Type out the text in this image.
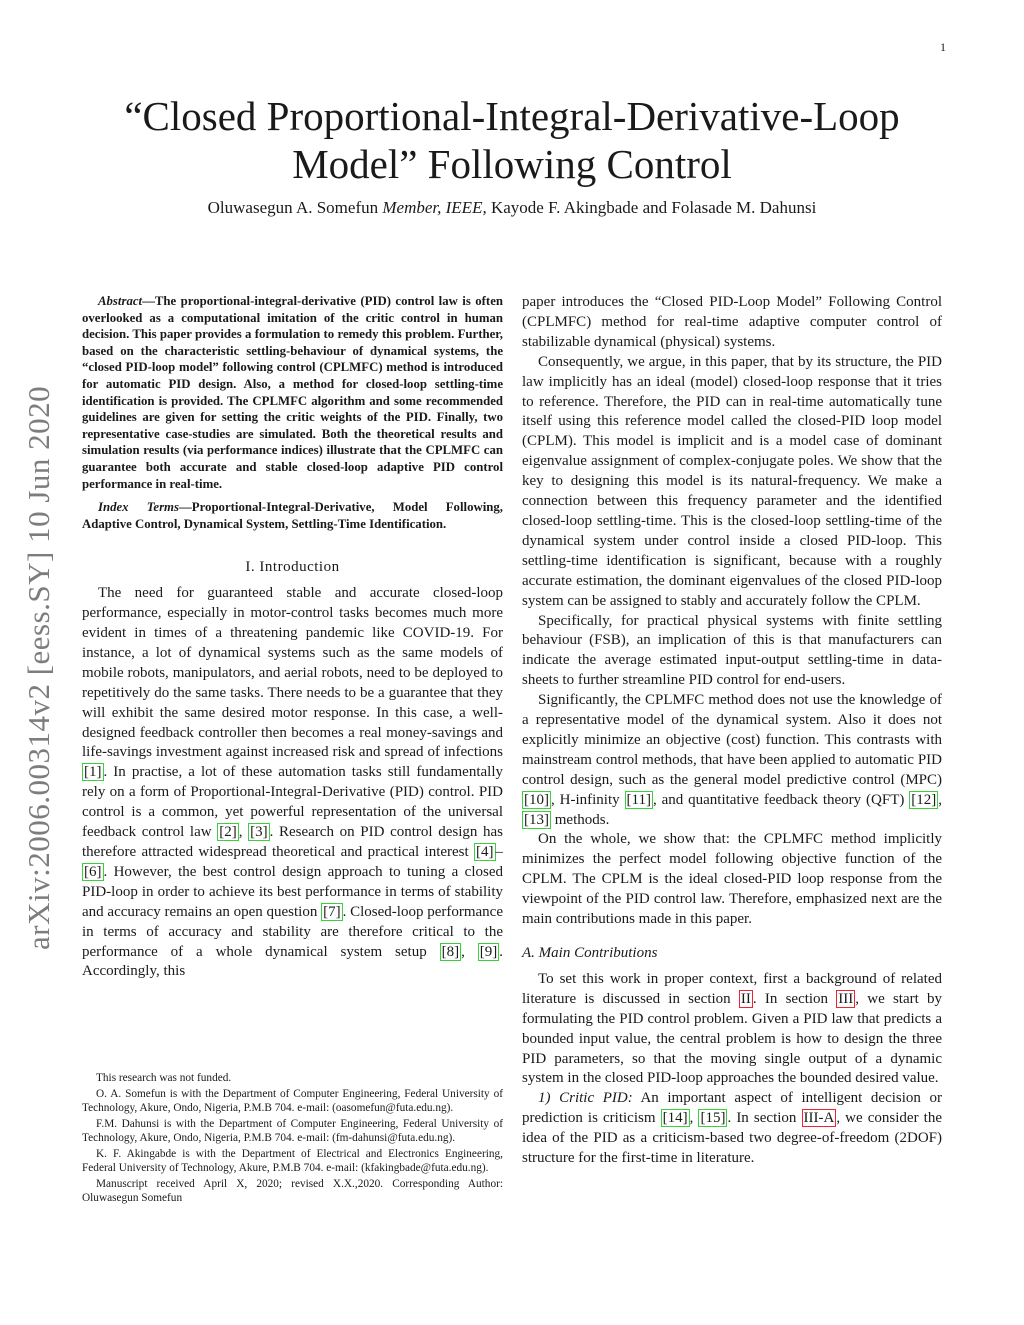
1
arXiv:2006.00314v2 [eess.SY] 10 Jun 2020
“Closed Proportional-Integral-Derivative-Loop
Model” Following Control
Oluwasegun A. Somefun Member, IEEE, Kayode F. Akingbade and Folasade M. Dahunsi

Abstract—The proportional-integral-derivative (PID) control law is often overlooked as a computational imitation of the critic control in human decision. This paper provides a formulation to remedy this problem. Further, based on the characteristic settling-behaviour of dynamical systems, the “closed PID-loop model” following control (CPLMFC) method is introduced for automatic PID design. Also, a method for closed-loop settling-time identification is provided. The CPLMFC algorithm and some recommended guidelines are given for setting the critic weights of the PID. Finally, two representative case-studies are simulated. Both the theoretical results and simulation results (via performance indices) illustrate that the CPLMFC can guarantee both accurate and stable closed-loop adaptive PID control performance in real-time.

Index Terms—Proportional-Integral-Derivative, Model Following, Adaptive Control, Dynamical System, Settling-Time Identification.

I. Introduction

The need for guaranteed stable and accurate closed-loop performance, especially in motor-control tasks becomes much more evident in times of a threatening pandemic like COVID-19. For instance, a lot of dynamical systems such as the same models of mobile robots, manipulators, and aerial robots, need to be deployed to repetitively do the same tasks. There needs to be a guarantee that they will exhibit the same desired motor response. In this case, a well-designed feedback controller then becomes a real money-savings and life-savings investment against increased risk and spread of infections [1] . In practise, a lot of these automation tasks still fundamentally rely on a form of Proportional-Integral-Derivative (PID) control. PID control is a common, yet powerful representation of the universal feedback control law [2] , [3] . Research on PID control design has therefore attracted widespread theoretical and practical interest [4] –[6] . However, the best control design approach to tuning a closed PID-loop in order to achieve its best performance in terms of stability and accuracy remains an open question [7] . Closed-loop performance in terms of accuracy and stability are therefore critical to the performance of a whole dynamical system setup [8] , [9] . Accordingly, this

This research was not funded.

O. A. Somefun is with the Department of Computer Engineering, Federal University of Technology, Akure, Ondo, Nigeria, P.M.B 704. e-mail: (oasomefun@futa.edu.ng).

F.M. Dahunsi is with the Department of Computer Engineering, Federal University of Technology, Akure, Ondo, Nigeria, P.M.B 704. e-mail: (fm-dahunsi@futa.edu.ng).

K. F. Akingabde is with the Department of Electrical and Electronics Engineering, Federal University of Technology, Akure, P.M.B 704. e-mail: (kfakingbade@futa.edu.ng).

Manuscript received April X, 2020; revised X.X.,2020. Corresponding Author: Oluwasegun Somefun

paper introduces the “Closed PID-Loop Model” Following Control (CPLMFC) method for real-time adaptive computer control of stabilizable dynamical (physical) systems.

Consequently, we argue, in this paper, that by its structure, the PID law implicitly has an ideal (model) closed-loop response that it tries to reference. Therefore, the PID can in real-time automatically tune itself using this reference model called the closed-PID loop model (CPLM). This model is implicit and is a model case of dominant eigenvalue assignment of complex-conjugate poles. We show that the key to designing this model is its natural-frequency. We make a connection between this frequency parameter and the identified closed-loop settling-time. This is the closed-loop settling-time of the dynamical system under control inside a closed PID-loop. This settling-time identification is significant, because with a roughly accurate estimation, the dominant eigenvalues of the closed PID-loop system can be assigned to stably and accurately follow the CPLM.

Specifically, for practical physical systems with finite settling behaviour (FSB), an implication of this is that manufacturers can indicate the average estimated input-output settling-time in data-sheets to further streamline PID control for end-users.

Significantly, the CPLMFC method does not use the knowledge of a representative model of the dynamical system. Also it does not explicitly minimize an objective (cost) function. This contrasts with mainstream control methods, that have been applied to automatic PID control design, such as the general model predictive control (MPC) [10] , H-infinity [11] , and quantitative feedback theory (QFT) [12] , [13] methods.

On the whole, we show that: the CPLMFC method implicitly minimizes the perfect model following objective function of the CPLM. The CPLM is the ideal closed-PID loop response from the viewpoint of the PID control law. Therefore, emphasized next are the main contributions made in this paper.

A. Main Contributions

To set this work in proper context, first a background of related literature is discussed in section II . In section III , we start by formulating the PID control problem. Given a PID law that predicts a bounded input value, the central problem is how to design the three PID parameters, so that the moving single output of a dynamic system in the closed PID-loop approaches the bounded desired value.

1) Critic PID: An important aspect of intelligent decision or prediction is criticism [14] , [15] . In section III-A , we consider the idea of the PID as a criticism-based two degree-of-freedom (2DOF) structure for the first-time in literature.
